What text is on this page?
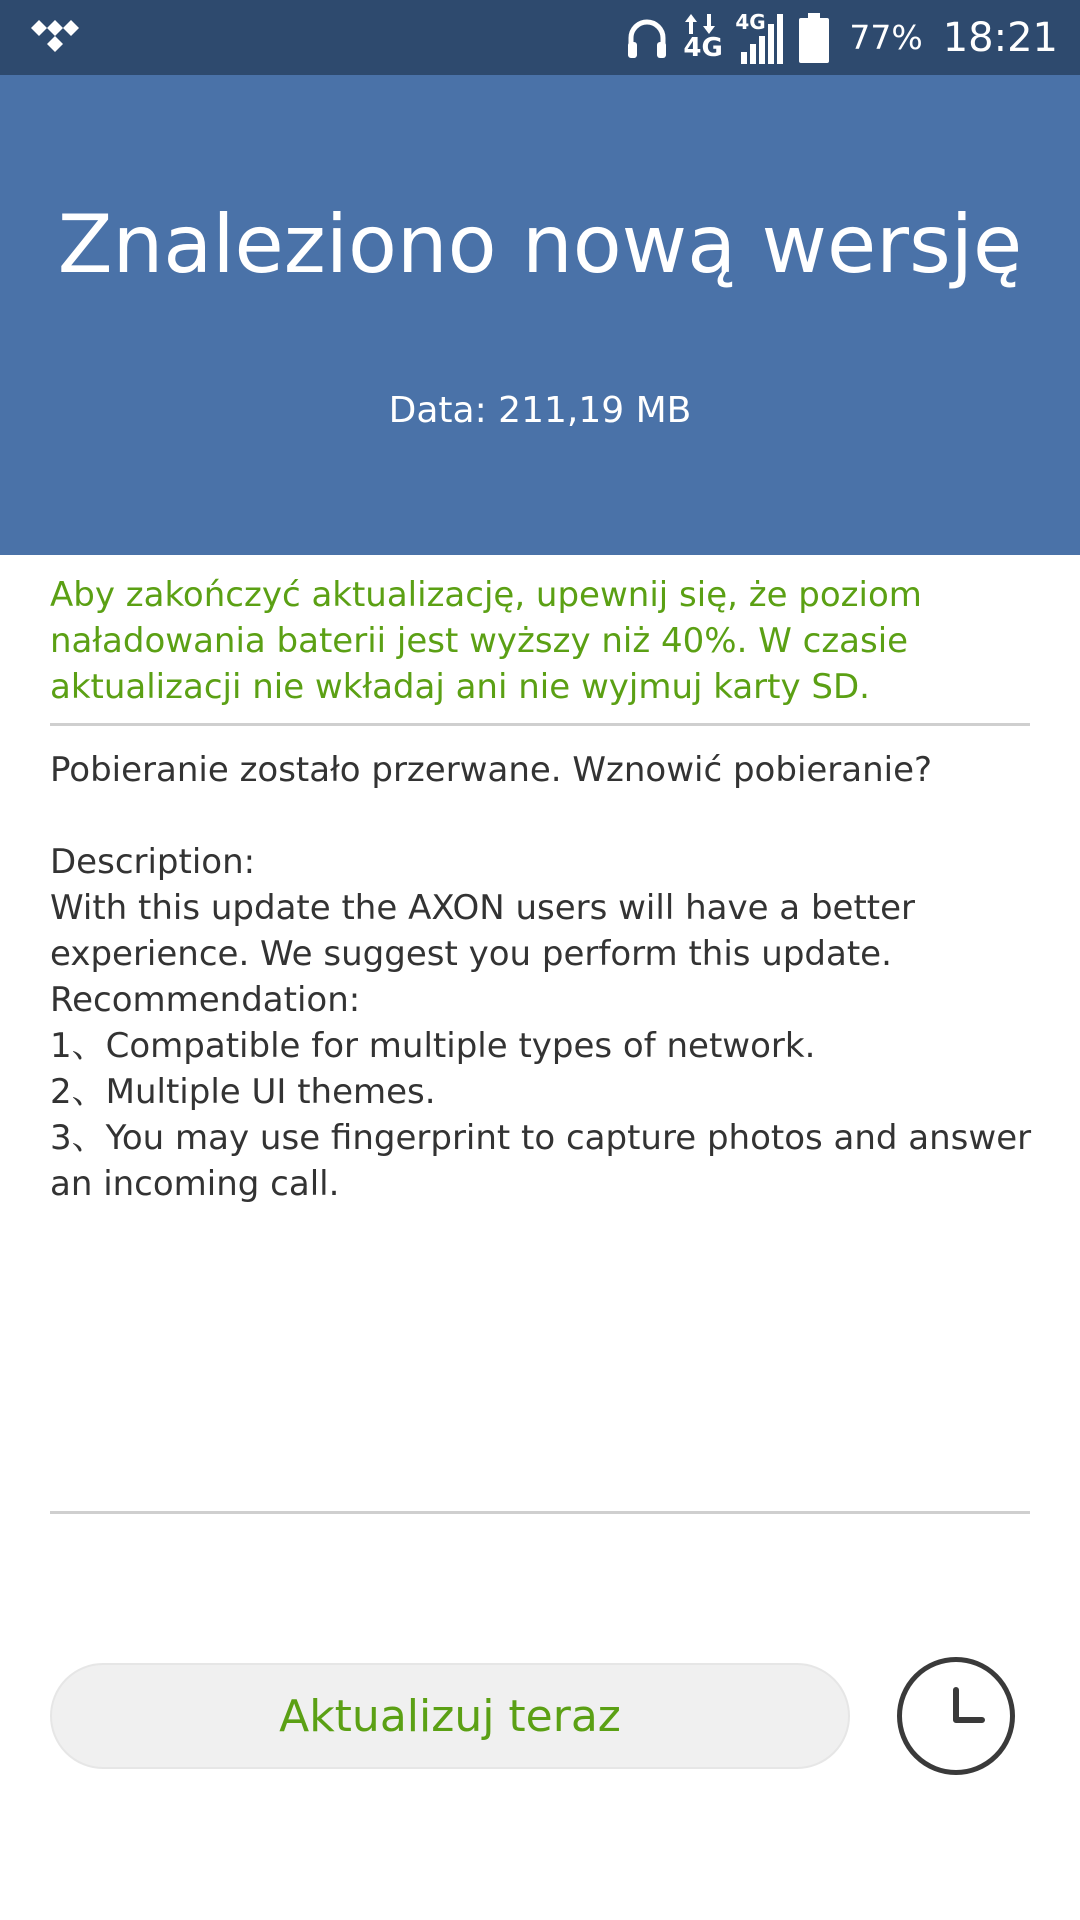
4G
4G	77% 18:21
Znaleziono nową wersję
Data: 211,19 MB

Aby zakończyć aktualizację, upewnij się, że poziom naładowania baterii jest wyższy niż 40%. W czasie aktualizacji nie wkładaj ani nie wyjmuj karty SD.

Pobieranie zostało przerwane. Wznowić pobieranie?

Description:

With this update the AXON users will have a better experience. We suggest you perform this update.

Recommendation:

1、Compatible for multiple types of network.

2、Multiple UI themes.

3、You may use fingerprint to capture photos and answer an incoming call.

Aktualizuj teraz
